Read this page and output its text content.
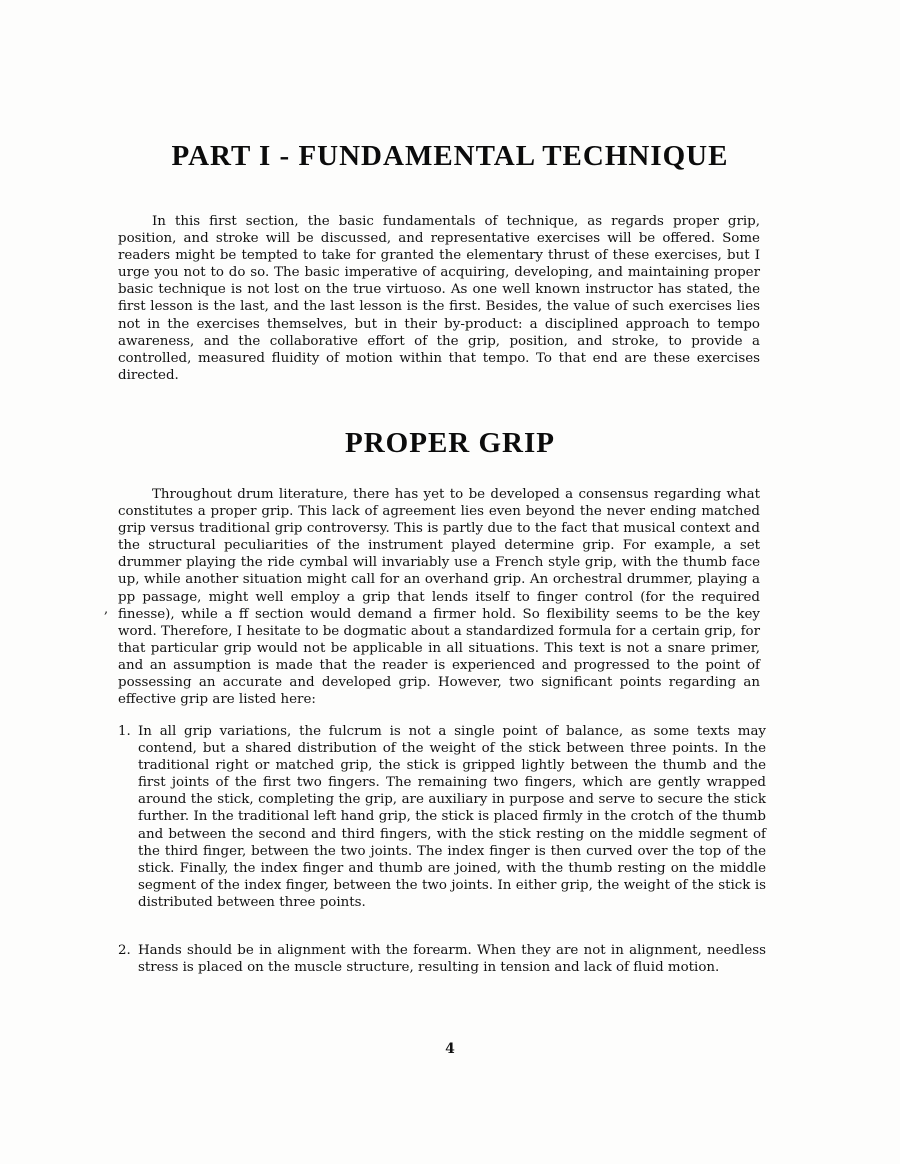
PART I - FUNDAMENTAL TECHNIQUE

In this first section, the basic fundamentals of technique, as regards proper grip, position, and stroke will be discussed, and representative exercises will be offered. Some readers might be tempted to take for granted the elementary thrust of these exercises, but I urge you not to do so. The basic imperative of acquiring, developing, and maintaining proper basic technique is not lost on the true virtuoso. As one well known instructor has stated, the first lesson is the last, and the last lesson is the first. Besides, the value of such exercises lies not in the exercises themselves, but in their by-product: a disciplined approach to tempo awareness, and the collaborative effort of the grip, position, and stroke, to provide a controlled, measured fluidity of motion within that tempo. To that end are these exercises directed.

PROPER GRIP

Throughout drum literature, there has yet to be developed a consensus regarding what constitutes a proper grip. This lack of agreement lies even beyond the never ending matched grip versus traditional grip controversy. This is partly due to the fact that musical context and the structural peculiarities of the instrument played determine grip. For example, a set drummer playing the ride cymbal will invariably use a French style grip, with the thumb face up, while another situation might call for an overhand grip. An orchestral drummer, playing a pp passage, might well employ a grip that lends itself to finger control (for the required finesse), while a ff section would demand a firmer hold. So flexibility seems to be the key word. Therefore, I hesitate to be dogmatic about a standardized formula for a certain grip, for that particular grip would not be applicable in all situations. This text is not a snare primer, and an assumption is made that the reader is experienced and progressed to the point of possessing an accurate and developed grip. However, two significant points regarding an effective grip are listed here:

,
1. In all grip variations, the fulcrum is not a single point of balance, as some texts may contend, but a shared distribution of the weight of the stick between three points. In the traditional right or matched grip, the stick is gripped lightly between the thumb and the first joints of the first two fingers. The remaining two fingers, which are gently wrapped around the stick, completing the grip, are auxiliary in purpose and serve to secure the stick further. In the traditional left hand grip, the stick is placed firmly in the crotch of the thumb and between the second and third fingers, with the stick resting on the middle segment of the third finger, between the two joints. The index finger is then curved over the top of the stick. Finally, the index finger and thumb are joined, with the thumb resting on the middle segment of the index finger, between the two joints. In either grip, the weight of the stick is distributed between three points.
2. Hands should be in alignment with the forearm. When they are not in alignment, needless stress is placed on the muscle structure, resulting in tension and lack of fluid motion.
4
